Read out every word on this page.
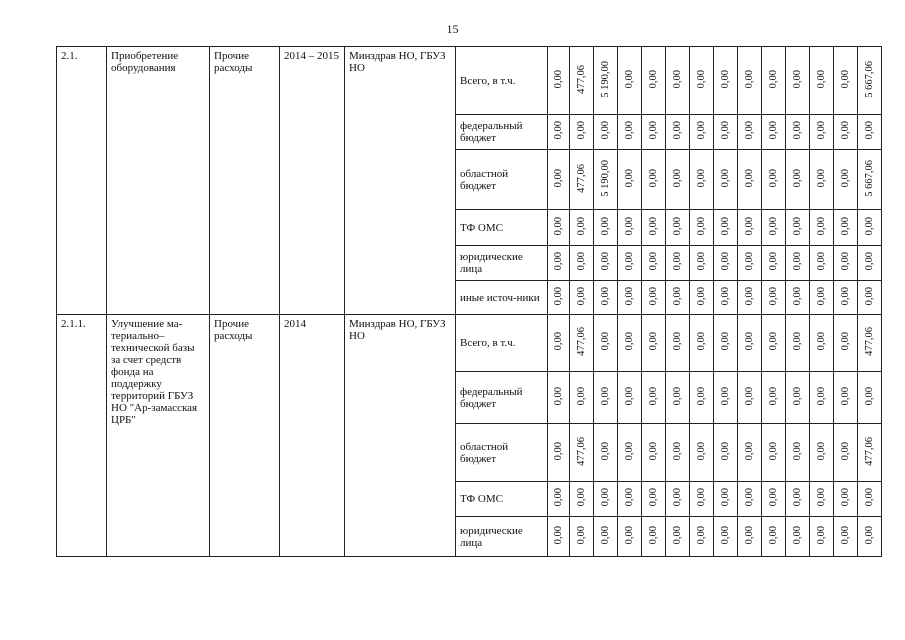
15
2.1.	Приобретение оборудования	Прочие расходы	2014 – 2015	Минздрав НО, ГБУЗ НО	Всего, в т.ч.	0,00	477,06	5 190,00	0,00	0,00	0,00	0,00	0,00	0,00	0,00	0,00	0,00	0,00	5 667,06
					федеральный бюджет	0,00	0,00	0,00	0,00	0,00	0,00	0,00	0,00	0,00	0,00	0,00	0,00	0,00	0,00
					областной бюджет	0,00	477,06	5 190,00	0,00	0,00	0,00	0,00	0,00	0,00	0,00	0,00	0,00	0,00	5 667,06
					ТФ ОМС	0,00	0,00	0,00	0,00	0,00	0,00	0,00	0,00	0,00	0,00	0,00	0,00	0,00	0,00
					юридические лица	0,00	0,00	0,00	0,00	0,00	0,00	0,00	0,00	0,00	0,00	0,00	0,00	0,00	0,00
					иные источ-ники	0,00	0,00	0,00	0,00	0,00	0,00	0,00	0,00	0,00	0,00	0,00	0,00	0,00	0,00
2.1.1.	Улучшение ма-териально–технической базы за счет средств фонда на поддержку территорий ГБУЗ НО "Ар-замасская ЦРБ"	Прочие расходы	2014	Минздрав НО, ГБУЗ НО	Всего, в т.ч.	0,00	477,06	0,00	0,00	0,00	0,00	0,00	0,00	0,00	0,00	0,00	0,00	0,00	477,06
					федеральный бюджет	0,00	0,00	0,00	0,00	0,00	0,00	0,00	0,00	0,00	0,00	0,00	0,00	0,00	0,00
					областной бюджет	0,00	477,06	0,00	0,00	0,00	0,00	0,00	0,00	0,00	0,00	0,00	0,00	0,00	477,06
					ТФ ОМС	0,00	0,00	0,00	0,00	0,00	0,00	0,00	0,00	0,00	0,00	0,00	0,00	0,00	0,00
					юридические лица	0,00	0,00	0,00	0,00	0,00	0,00	0,00	0,00	0,00	0,00	0,00	0,00	0,00	0,00
